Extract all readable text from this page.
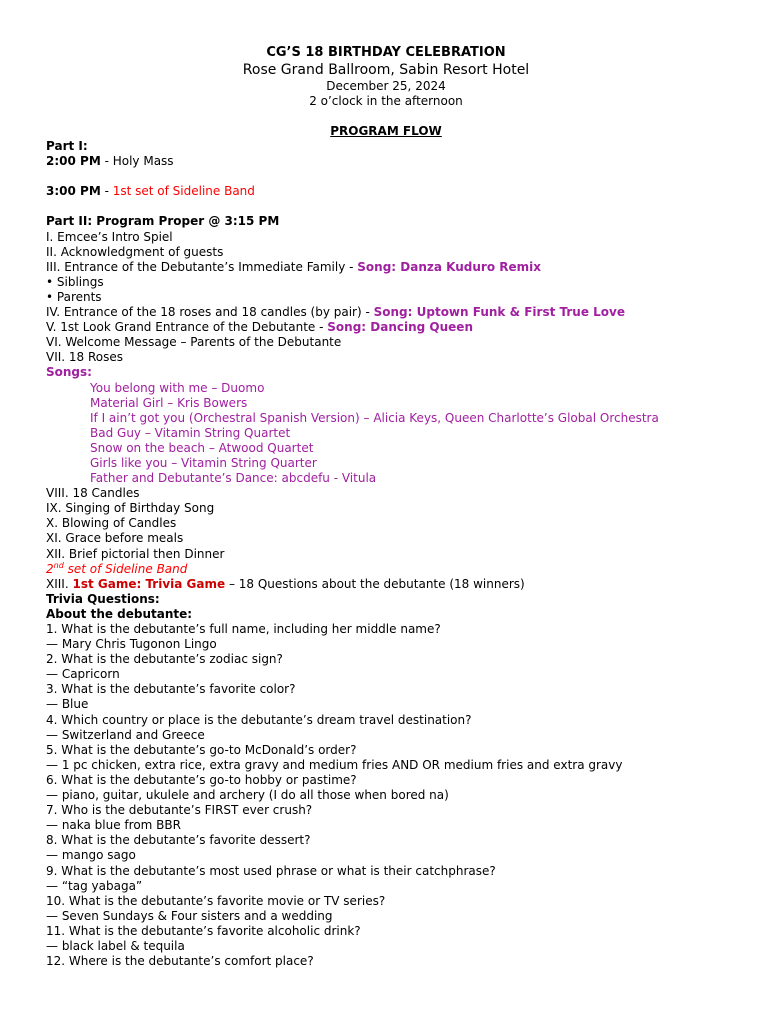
CG’S 18 BIRTHDAY CELEBRATION
Rose Grand Ballroom, Sabin Resort Hotel
December 25, 2024
2 o’clock in the afternoon
PROGRAM FLOW
Part I:
2:00 PM - Holy Mass
3:00 PM - 1st set of Sideline Band
Part II: Program Proper @ 3:15 PM
I. Emcee’s Intro Spiel
II. Acknowledgment of guests
III. Entrance of the Debutante’s Immediate Family - Song: Danza Kuduro Remix
• Siblings
• Parents
IV. Entrance of the 18 roses and 18 candles (by pair) - Song: Uptown Funk & First True Love
V. 1st Look Grand Entrance of the Debutante - Song: Dancing Queen
VI. Welcome Message – Parents of the Debutante
VII. 18 Roses
Songs:
You belong with me – Duomo
Material Girl – Kris Bowers
If I ain’t got you (Orchestral Spanish Version) – Alicia Keys, Queen Charlotte’s Global Orchestra
Bad Guy – Vitamin String Quartet
Snow on the beach – Atwood Quartet
Girls like you – Vitamin String Quarter
Father and Debutante’s Dance: abcdefu - Vitula
VIII. 18 Candles
IX. Singing of Birthday Song
X. Blowing of Candles
XI. Grace before meals
XII. Brief pictorial then Dinner
2nd set of Sideline Band
XIII. 1st Game: Trivia Game – 18 Questions about the debutante (18 winners)
Trivia Questions:
About the debutante:
1. What is the debutante’s full name, including her middle name?
— Mary Chris Tugonon Lingo
2. What is the debutante’s zodiac sign?
— Capricorn
3. What is the debutante’s favorite color?
— Blue
4. Which country or place is the debutante’s dream travel destination?
— Switzerland and Greece
5. What is the debutante’s go-to McDonald’s order?
— 1 pc chicken, extra rice, extra gravy and medium fries AND OR medium fries and extra gravy
6. What is the debutante’s go-to hobby or pastime?
— piano, guitar, ukulele and archery (I do all those when bored na)
7. Who is the debutante’s FIRST ever crush?
— naka blue from BBR
8. What is the debutante’s favorite dessert?
— mango sago
9. What is the debutante’s most used phrase or what is their catchphrase?
— “tag yabaga”
10. What is the debutante’s favorite movie or TV series?
— Seven Sundays & Four sisters and a wedding
11. What is the debutante’s favorite alcoholic drink?
— black label & tequila
12. Where is the debutante’s comfort place?
